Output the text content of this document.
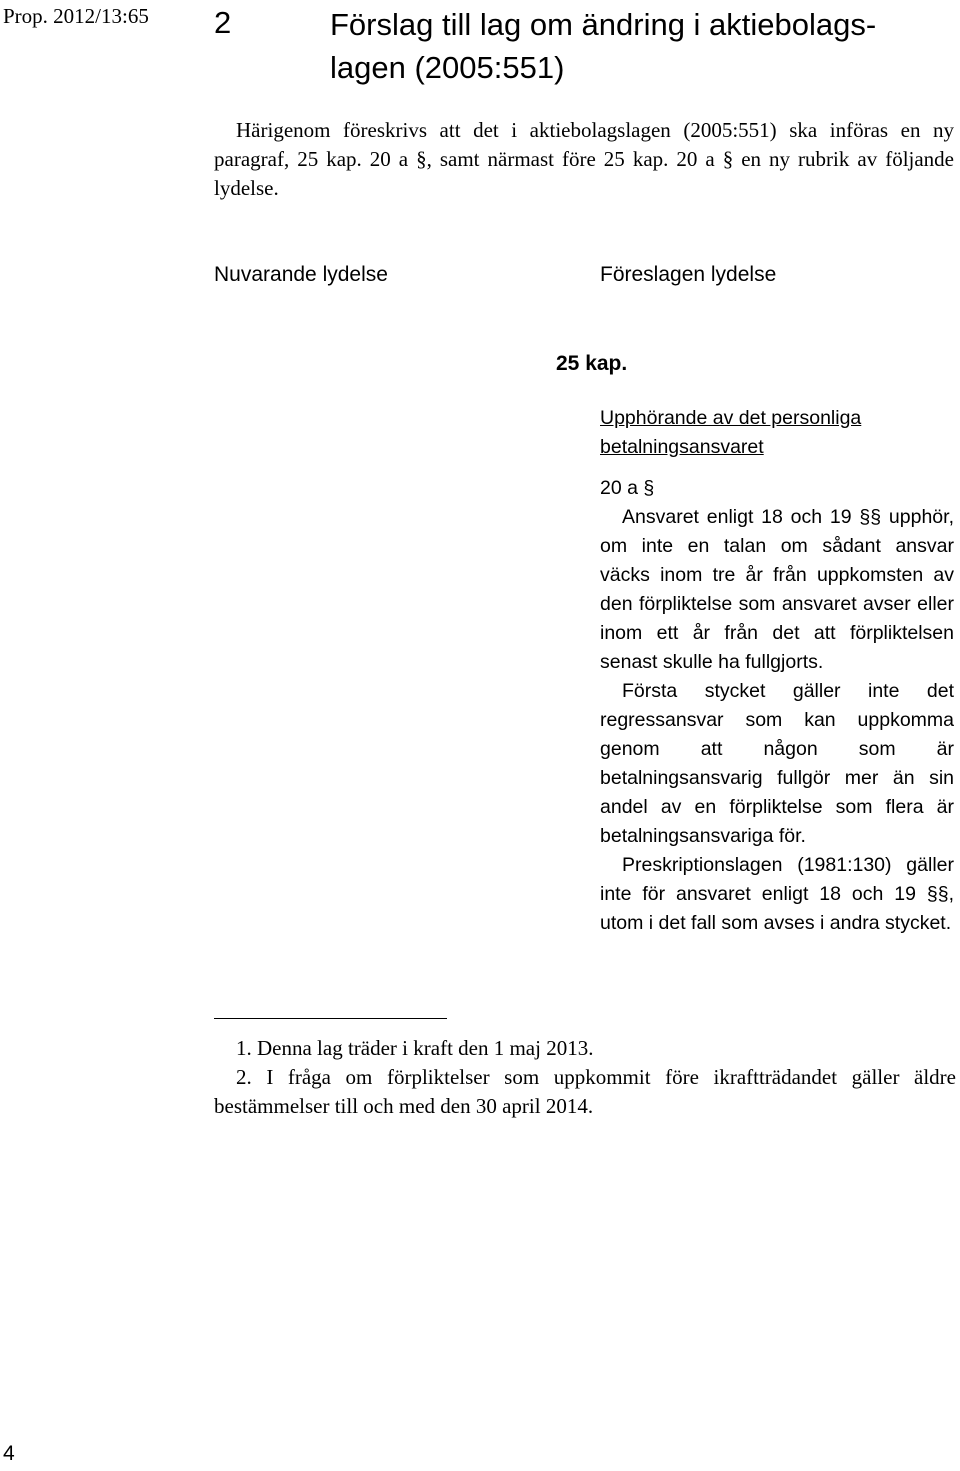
Prop. 2012/13:65 2	Förslag till lag om ändring i aktiebolags-
lagen (2005:551)
Härigenom föreskrivs att det i aktiebolagslagen (2005:551) ska införas en ny paragraf, 25 kap. 20 a §, samt närmast före 25 kap. 20 a § en ny rubrik av följande lydelse.
Nuvarande lydelse	Föreslagen lydelse
25 kap.
Upphörande av det personliga betalningsansvaret
20 a §

Ansvaret enligt 18 och 19 §§ upphör, om inte en talan om sådant ansvar väcks inom tre år från uppkomsten av den förpliktelse som ansvaret avser eller inom ett år från det att förpliktelsen senast skulle ha fullgjorts.

Första stycket gäller inte det regressansvar som kan uppkomma genom att någon som är betalningsansvarig fullgör mer än sin andel av en förpliktelse som flera är betalningsansvariga för.

Preskriptionslagen (1981:130) gäller inte för ansvaret enligt 18 och 19 §§, utom i det fall som avses i andra stycket.

1. Denna lag träder i kraft den 1 maj 2013.

2. I fråga om förpliktelser som uppkommit före ikraftträdandet gäller äldre bestämmelser till och med den 30 april 2014.

4
